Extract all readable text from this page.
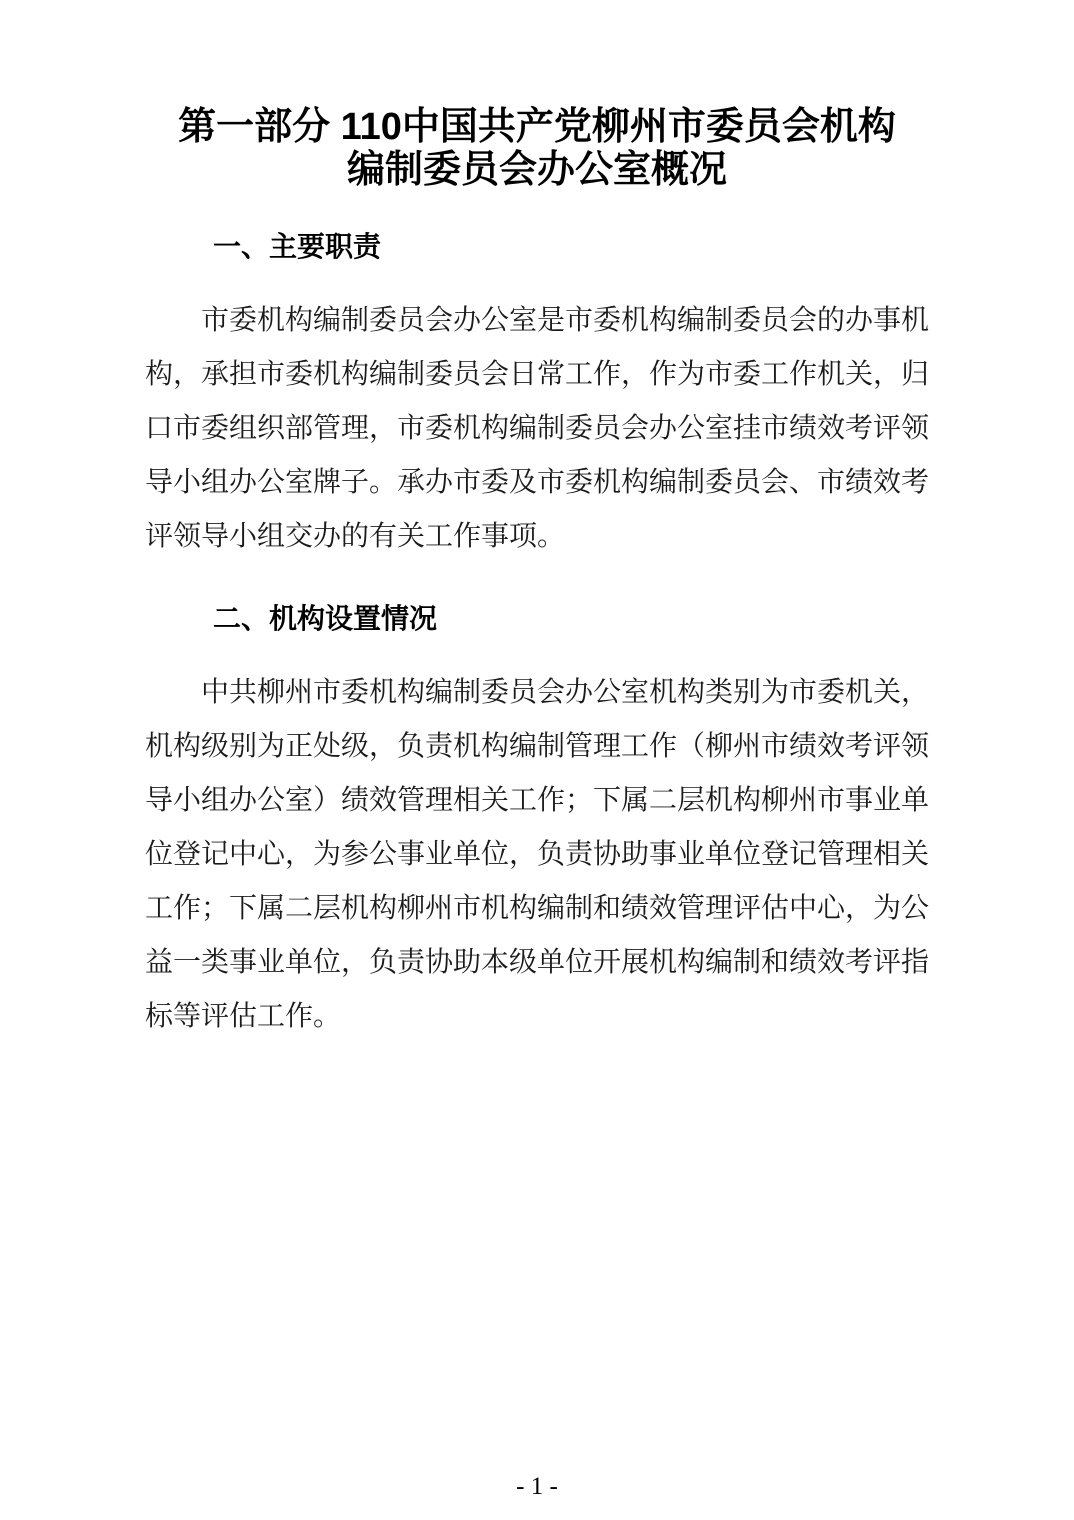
第一部分 110中国共产党柳州市委员会机构
编制委员会办公室概况
一、主要职责

市委机构编制委员会办公室是市委机构编制委员会的办事机构，承担市委机构编制委员会日常工作，作为市委工作机关，归口市委组织部管理，市委机构编制委员会办公室挂市绩效考评领导小组办公室牌子。承办市委及市委机构编制委员会、市绩效考评领导小组交办的有关工作事项。

二、机构设置情况

中共柳州市委机构编制委员会办公室机构类别为市委机关，机构级别为正处级，负责机构编制管理工作（柳州市绩效考评领导小组办公室）绩效管理相关工作；下属二层机构柳州市事业单位登记中心，为参公事业单位，负责协助事业单位登记管理相关工作；下属二层机构柳州市机构编制和绩效管理评估中心，为公益一类事业单位，负责协助本级单位开展机构编制和绩效考评指标等评估工作。

- 1 -
